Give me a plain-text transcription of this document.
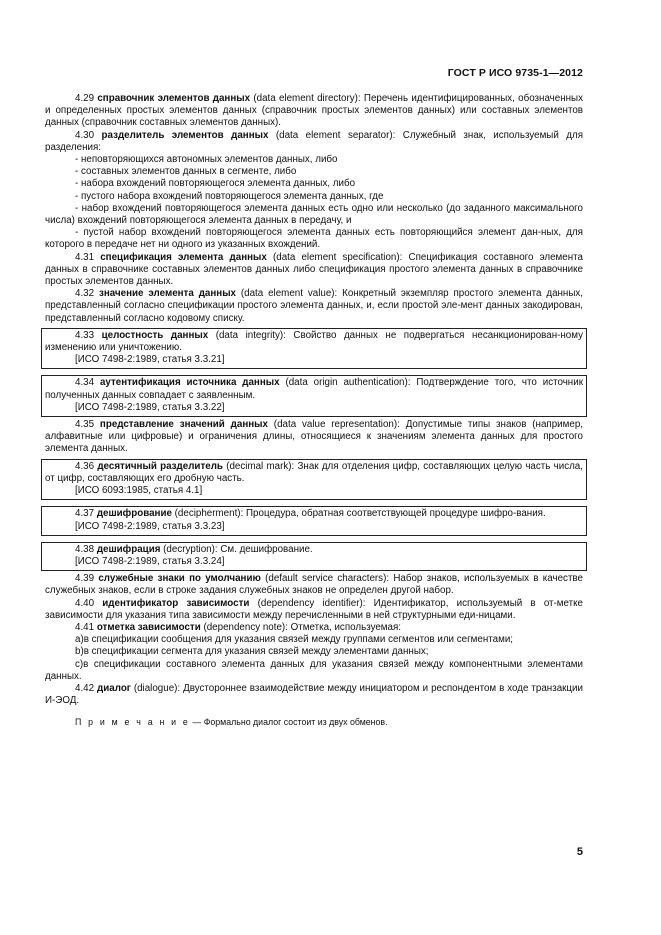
ГОСТ Р ИСО 9735-1—2012

4.29 справочник элементов данных (data element directory): Перечень идентифицированных, обозначенных и определенных простых элементов данных (справочник простых элементов данных) или составных элементов данных (справочник составных элементов данных).

4.30 разделитель элементов данных (data element separator): Служебный знак, используемый для разделения:

- неповторяющихся автономных элементов данных, либо

- составных элементов данных в сегменте, либо

- набора вхождений повторяющегося элемента данных, либо

- пустого набора вхождений повторяющегося элемента данных, где

- набор вхождений повторяющегося элемента данных есть одно или несколько (до заданного максимального числа) вхождений повторяющегося элемента данных в передачу, и

- пустой набор вхождений повторяющегося элемента данных есть повторяющийся элемент дан-ных, для которого в передаче нет ни одного из указанных вхождений.

4.31 спецификация элемента данных (data element specification): Спецификация составного элемента данных в справочнике составных элементов данных либо спецификация простого элемента данных в справочнике простых элементов данных.

4.32 значение элемента данных (data element value): Конкретный экземпляр простого элемента данных, представленный согласно спецификации простого элемента данных, и, если простой эле-мент данных закодирован, представленный согласно кодовому списку.

4.33 целостность данных (data integrity): Свойство данных не подвергаться несанкционирован-ному изменению или уничтожению.

[ИСО 7498-2:1989, статья 3.3.21]

4.34 аутентификация источника данных (data origin authentication): Подтверждение того, что источник полученных данных совпадает с заявленным.

[ИСО 7498-2:1989, статья 3.3.22]

4.35 представление значений данных (data value representation): Допустимые типы знаков (например, алфавитные или цифровые) и ограничения длины, относящиеся к значениям элемента данных для простого элемента данных.

4.36 десятичный разделитель (decimal mark): Знак для отделения цифр, составляющих целую часть числа, от цифр, составляющих его дробную часть.

[ИСО 6093:1985, статья 4.1]

4.37 дешифрование (decipherment): Процедура, обратная соответствующей процедуре шифро-вания.

[ИСО 7498-2:1989, статья 3.3.23]

4.38 дешифрация (decryption): См. дешифрование.

[ИСО 7498-2:1989, статья 3.3.24]

4.39 служебные знаки по умолчанию (default service characters): Набор знаков, используемых в качестве служебных знаков, если в строке задания служебных знаков не определен другой набор.

4.40 идентификатор зависимости (dependency identifier): Идентификатор, используемый в от-метке зависимости для указания типа зависимости между перечисленными в ней структурными еди-ницами.

4.41 отметка зависимости (dependency note): Отметка, используемая:

a)в спецификации сообщения для указания связей между группами сегментов или сегментами;

b)в спецификации сегмента для указания связей между элементами данных;

c)в спецификации составного элемента данных для указания связей между компонентными элементами данных.

4.42 диалог (dialogue): Двустороннее взаимодействие между инициатором и респондентом в ходе транзакции И-ЭОД.

П р и м е ч а н и е — Формально диалог состоит из двух обменов.

5
